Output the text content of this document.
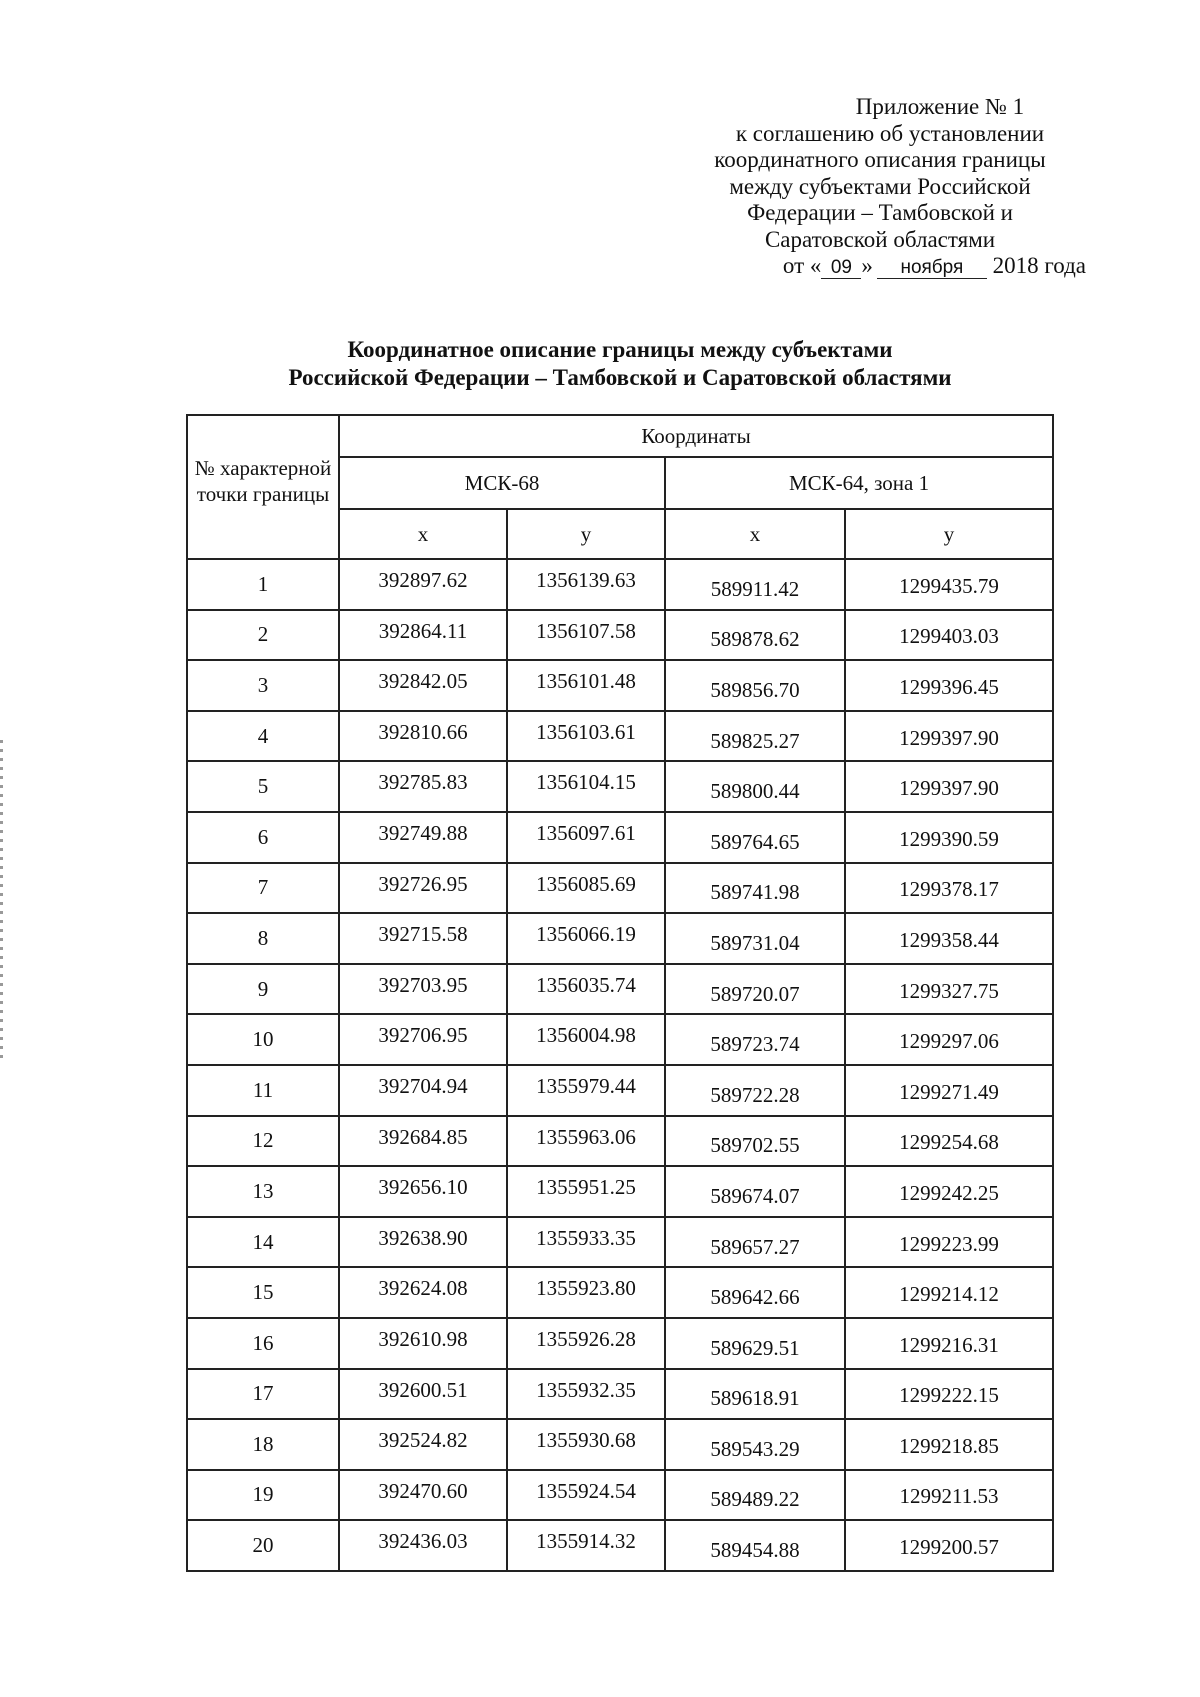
Приложение № 1
к соглашению об установлении
координатного описания границы
между субъектами Российской
Федерации – Тамбовской и
Саратовской областями
от « 09 » ноября 2018 года
Координатное описание границы между субъектами
Российской Федерации – Тамбовской и Саратовской областями
№ характерной точки границы	Координаты			
	МСК-68		МСК-64, зона 1	
	x	y	x	y
1	392897.62	1356139.63	589911.42	1299435.79
2	392864.11	1356107.58	589878.62	1299403.03
3	392842.05	1356101.48	589856.70	1299396.45
4	392810.66	1356103.61	589825.27	1299397.90
5	392785.83	1356104.15	589800.44	1299397.90
6	392749.88	1356097.61	589764.65	1299390.59
7	392726.95	1356085.69	589741.98	1299378.17
8	392715.58	1356066.19	589731.04	1299358.44
9	392703.95	1356035.74	589720.07	1299327.75
10	392706.95	1356004.98	589723.74	1299297.06
11	392704.94	1355979.44	589722.28	1299271.49
12	392684.85	1355963.06	589702.55	1299254.68
13	392656.10	1355951.25	589674.07	1299242.25
14	392638.90	1355933.35	589657.27	1299223.99
15	392624.08	1355923.80	589642.66	1299214.12
16	392610.98	1355926.28	589629.51	1299216.31
17	392600.51	1355932.35	589618.91	1299222.15
18	392524.82	1355930.68	589543.29	1299218.85
19	392470.60	1355924.54	589489.22	1299211.53
20	392436.03	1355914.32	589454.88	1299200.57
